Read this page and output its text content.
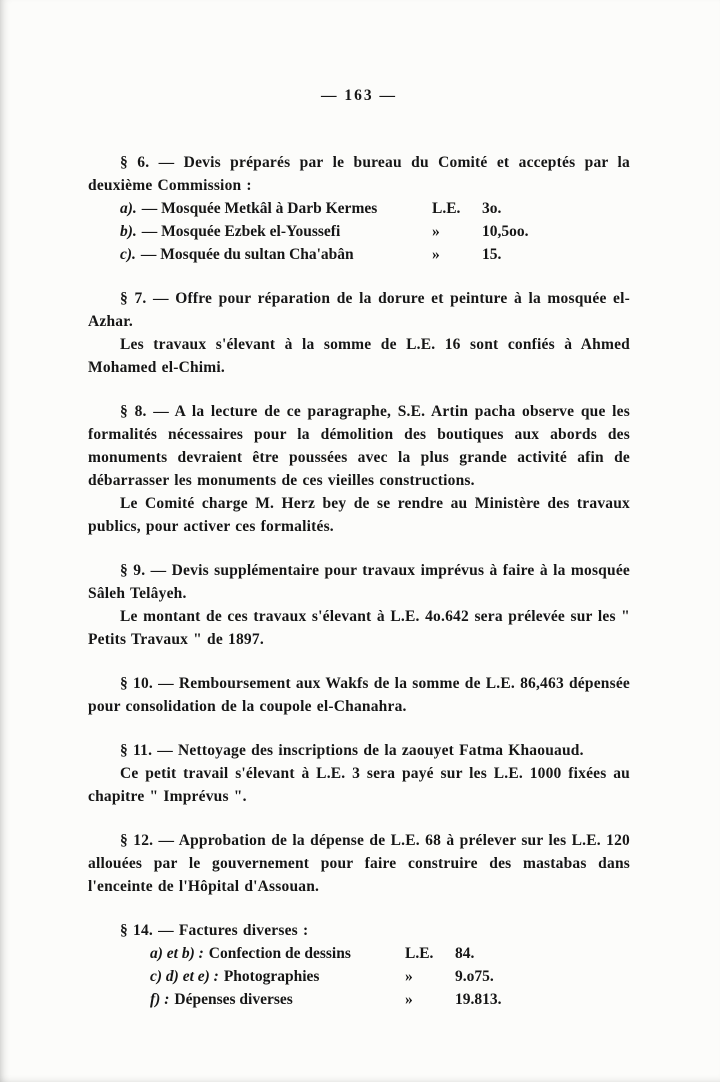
— 163 —

§ 6. — Devis préparés par le bureau du Comité et acceptés par la deuxième Commission :

a). — Mosquée Metkâl à Darb Kermes	L.E.	3o.
b). — Mosquée Ezbek el-Youssefi	»	10,5oo.
c). — Mosquée du sultan Cha'abân	»	15.

§ 7. — Offre pour réparation de la dorure et peinture à la mosquée el-Azhar.

Les travaux s'élevant à la somme de L.E. 16 sont confiés à Ahmed Mohamed el-Chimi.

§ 8. — A la lecture de ce paragraphe, S.E. Artin pacha observe que les formalités nécessaires pour la démolition des boutiques aux abords des monuments devraient être poussées avec la plus grande activité afin de débarrasser les monuments de ces vieilles constructions.

Le Comité charge M. Herz bey de se rendre au Ministère des travaux publics, pour activer ces formalités.

§ 9. — Devis supplémentaire pour travaux imprévus à faire à la mosquée Sâleh Telâyeh.

Le montant de ces travaux s'élevant à L.E. 4o.642 sera prélevée sur les " Petits Travaux " de 1897.

§ 10. — Remboursement aux Wakfs de la somme de L.E. 86,463 dépensée pour consolidation de la coupole el-Chanahra.

§ 11. — Nettoyage des inscriptions de la zaouyet Fatma Khaouaud.

Ce petit travail s'élevant à L.E. 3 sera payé sur les L.E. 1000 fixées au chapitre " Imprévus ".

§ 12. — Approbation de la dépense de L.E. 68 à prélever sur les L.E. 120 allouées par le gouvernement pour faire construire des mastabas dans l'enceinte de l'Hôpital d'Assouan.

§ 14. — Factures diverses :

a) et b) : Confection de dessins	L.E.	84.
c) d) et e) : Photographies	»	9.o75.
f) : Dépenses diverses	»	19.813.
